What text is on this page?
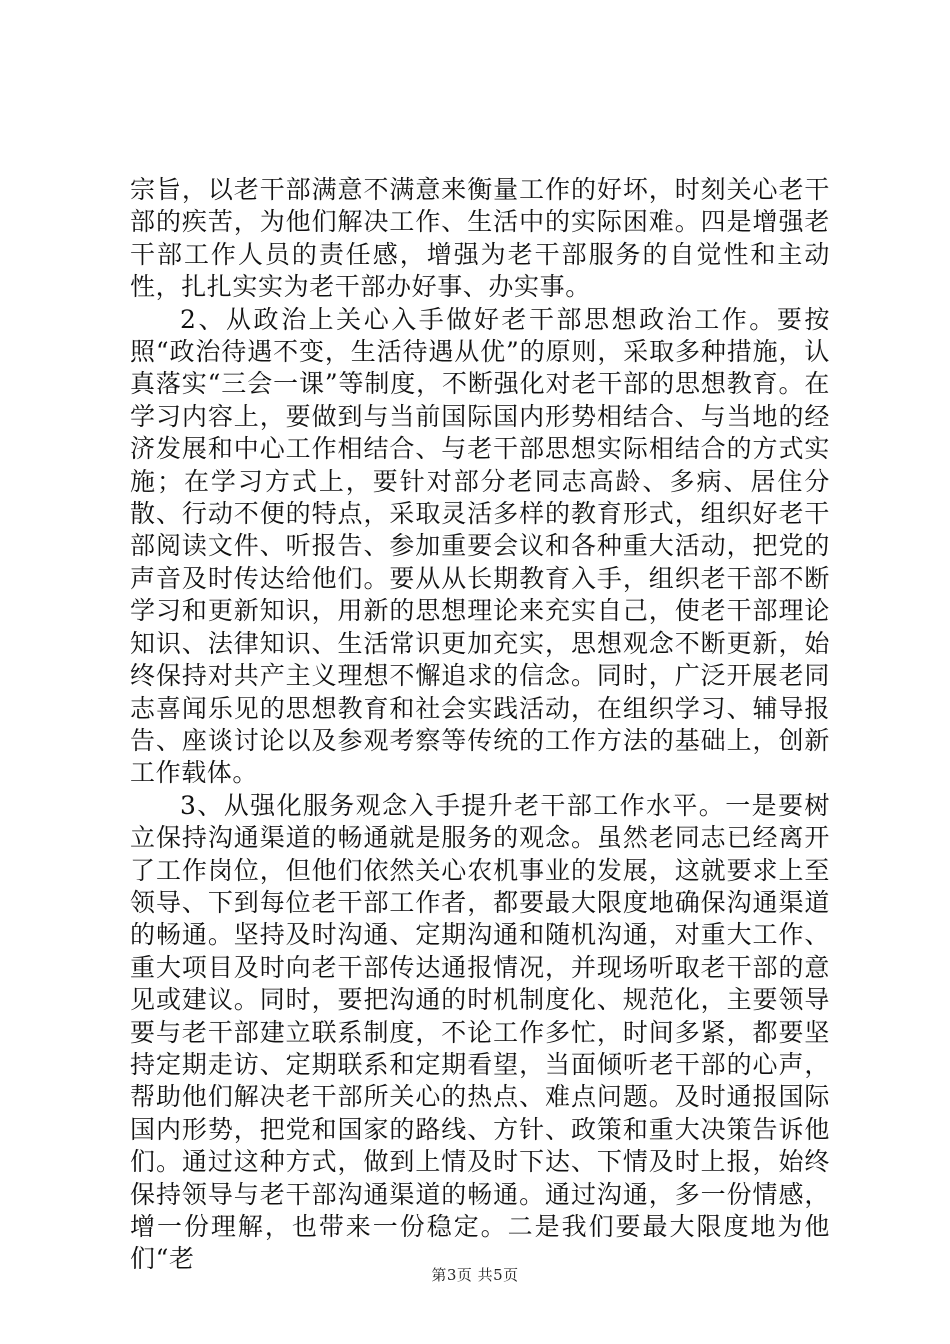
宗旨，以老干部满意不满意来衡量工作的好坏，时刻关心老干部的疾苦，为他们解决工作、生活中的实际困难。四是增强老干部工作人员的责任感，增强为老干部服务的自觉性和主动性，扎扎实实为老干部办好事、办实事。

2、从政治上关心入手做好老干部思想政治工作。要按照“政治待遇不变，生活待遇从优”的原则，采取多种措施，认真落实“三会一课”等制度，不断强化对老干部的思想教育。在学习内容上，要做到与当前国际国内形势相结合、与当地的经济发展和中心工作相结合、与老干部思想实际相结合的方式实施；在学习方式上，要针对部分老同志高龄、多病、居住分散、行动不便的特点，采取灵活多样的教育形式，组织好老干部阅读文件、听报告、参加重要会议和各种重大活动，把党的声音及时传达给他们。要从从长期教育入手，组织老干部不断学习和更新知识，用新的思想理论来充实自己，使老干部理论知识、法律知识、生活常识更加充实，思想观念不断更新，始终保持对共产主义理想不懈追求的信念。同时，广泛开展老同志喜闻乐见的思想教育和社会实践活动，在组织学习、辅导报告、座谈讨论以及参观考察等传统的工作方法的基础上，创新工作载体。

3、从强化服务观念入手提升老干部工作水平。一是要树立保持沟通渠道的畅通就是服务的观念。虽然老同志已经离开了工作岗位，但他们依然关心农机事业的发展，这就要求上至领导、下到每位老干部工作者，都要最大限度地确保沟通渠道的畅通。坚持及时沟通、定期沟通和随机沟通，对重大工作、重大项目及时向老干部传达通报情况，并现场听取老干部的意见或建议。同时，要把沟通的时机制度化、规范化，主要领导要与老干部建立联系制度，不论工作多忙，时间多紧，都要坚持定期走访、定期联系和定期看望，当面倾听老干部的心声，帮助他们解决老干部所关心的热点、难点问题。及时通报国际国内形势，把党和国家的路线、方针、政策和重大决策告诉他们。通过这种方式，做到上情及时下达、下情及时上报，始终保持领导与老干部沟通渠道的畅通。通过沟通，多一份情感，增一份理解，也带来一份稳定。二是我们要最大限度地为他们“老

第3页 共5页
